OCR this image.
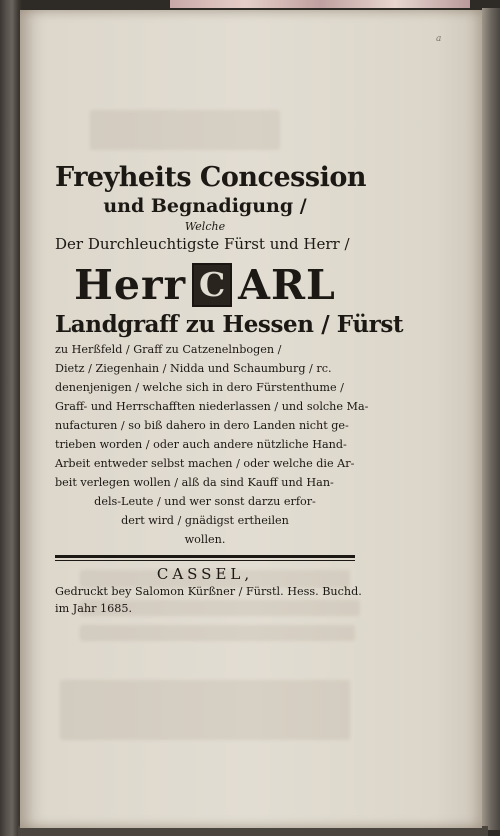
a
Freyheits Concession
und Begnadigung /
Welche
Der Durchleuchtigste Fürst und Herr /
Herr C ARL
Landgraff zu Hessen / Fürst
zu Herßfeld / Graff zu Catzenelnbogen /
Dietz / Ziegenhain / Nidda und Schaumburg / rc.
denenjenigen / welche sich in dero Fürstenthume /
Graff- und Herrschafften niederlassen / und solche Ma-
nufacturen / so biß dahero in dero Landen nicht ge-
trieben worden / oder auch andere nützliche Hand-
Arbeit entweder selbst machen / oder welche die Ar-
beit verlegen wollen / alß da sind Kauff und Han-
dels-Leute / und wer sonst darzu erfor-
dert wird / gnädigst ertheilen
wollen.
CASSEL,
Gedruckt bey Salomon Kürßner / Fürstl. Hess. Buchd.
im Jahr 1685.
